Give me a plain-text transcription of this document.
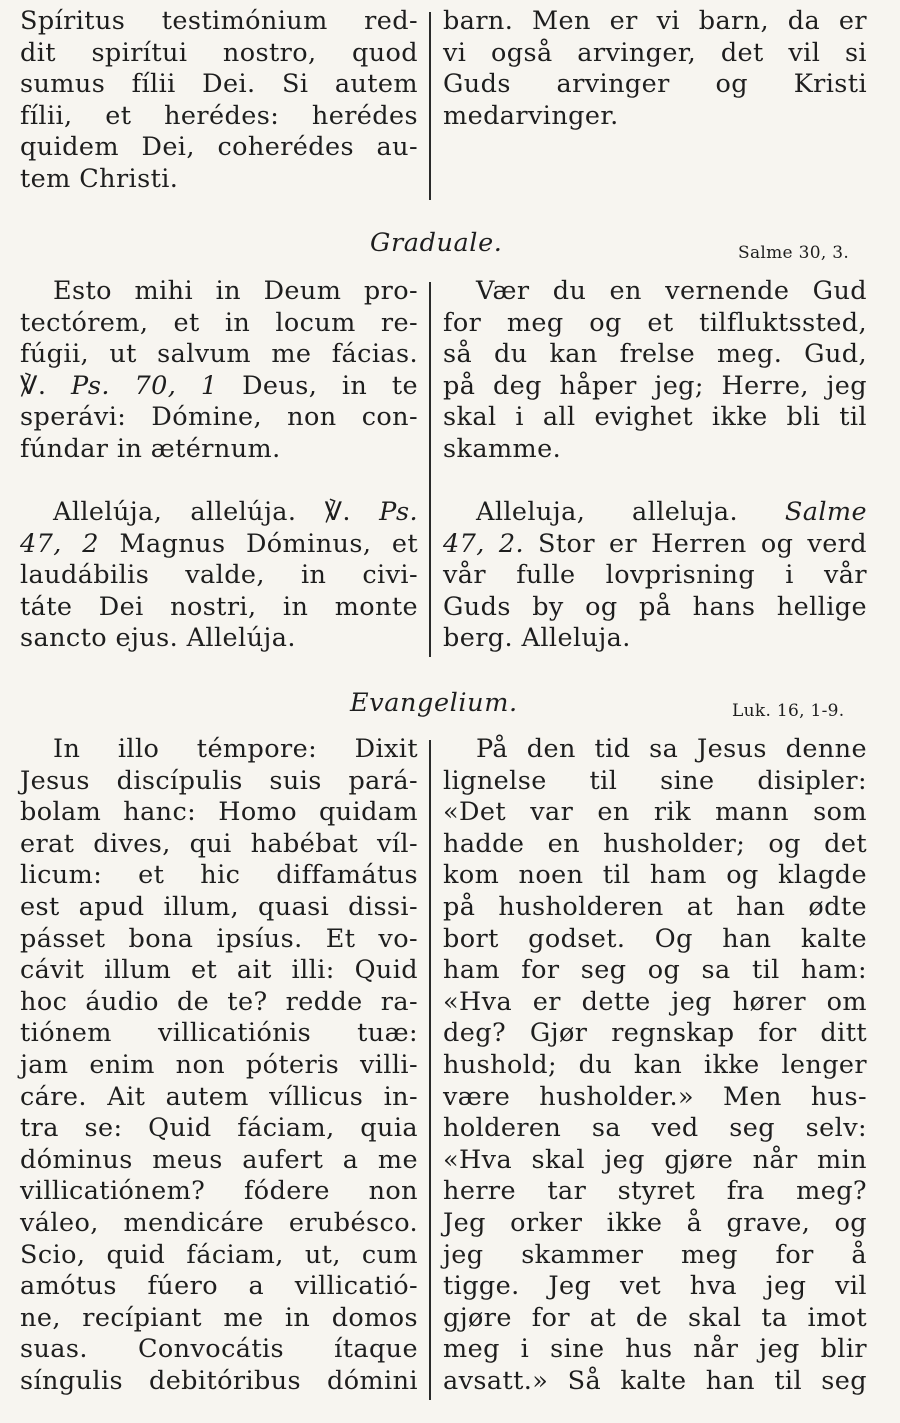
Spíritus testimónium red-
dit spirítui nostro, quod
sumus fílii Dei. Si autem
fílii, et herédes: herédes
quidem Dei, coherédes au-
tem Christi.
barn. Men er vi barn, da er
vi også arvinger, det vil si
Guds arvinger og Kristi
medarvinger.
Graduale.	Salme 30, 3.
Esto mihi in Deum pro-
tectórem, et in locum re-
fúgii, ut salvum me fácias.
℣. Ps. 70, 1 Deus, in te
sperávi: Dómine, non con-
fúndar in ætérnum.
Vær du en vernende Gud
for meg og et tilfluktssted,
så du kan frelse meg. Gud,
på deg håper jeg; Herre, jeg
skal i all evighet ikke bli til
skamme.
Allelúja, allelúja. ℣. Ps.
47, 2 Magnus Dóminus, et
laudábilis valde, in civi-
táte Dei nostri, in monte
sancto ejus. Allelúja.
Alleluja, alleluja. Salme
47, 2. Stor er Herren og verd
vår fulle lovprisning i vår
Guds by og på hans hellige
berg. Alleluja.
Evangelium.	Luk. 16, 1-9.
In illo témpore: Dixit
Jesus discípulis suis pará-
bolam hanc: Homo quidam
erat dives, qui habébat víl-
licum: et hic diffamátus
est apud illum, quasi dissi-
pásset bona ipsíus. Et vo-
cávit illum et ait illi: Quid
hoc áudio de te? redde ra-
tiónem villicatiónis tuæ:
jam enim non póteris villi-
cáre. Ait autem víllicus in-
tra se: Quid fáciam, quia
dóminus meus aufert a me
villicatiónem? fódere non
váleo, mendicáre erubésco.
Scio, quid fáciam, ut, cum
amótus fúero a villicatió-
ne, recípiant me in domos
suas. Convocátis ítaque
síngulis debitóribus dómini
På den tid sa Jesus denne
lignelse til sine disipler:
«Det var en rik mann som
hadde en husholder; og det
kom noen til ham og klagde
på husholderen at han ødte
bort godset. Og han kalte
ham for seg og sa til ham:
«Hva er dette jeg hører om
deg? Gjør regnskap for ditt
hushold; du kan ikke lenger
være husholder.» Men hus-
holderen sa ved seg selv:
«Hva skal jeg gjøre når min
herre tar styret fra meg?
Jeg orker ikke å grave, og
jeg skammer meg for å
tigge. Jeg vet hva jeg vil
gjøre for at de skal ta imot
meg i sine hus når jeg blir
avsatt.» Så kalte han til seg
